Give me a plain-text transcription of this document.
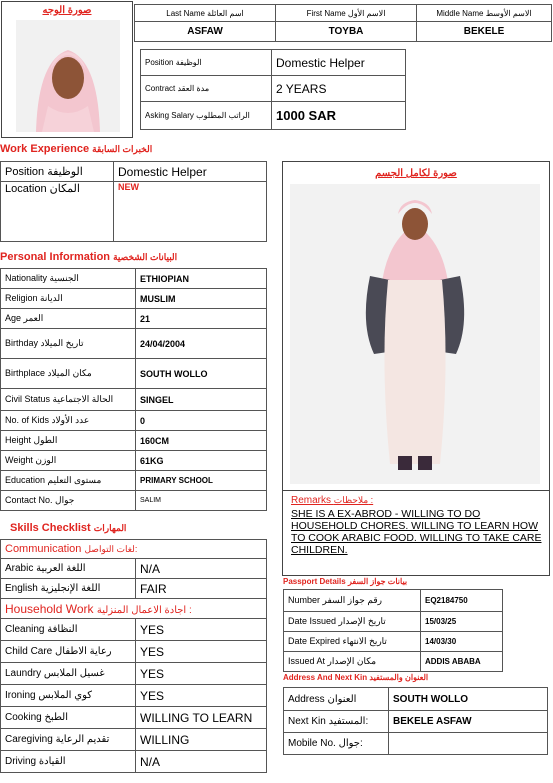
صورة الوجه	Last Name اسم العائلة	First Name الاسم الأول	Middle Name الاسم الأوسط
ASFAW	TOYBA	BEKELE
Position الوظيفة	Domestic Helper
Contract مدة العقد	2 YEARS
Asking Salary الراتب المطلوب	1000 SAR
Work Experience الخبرات السابقة
Position الوظيفة	Domestic Helper
Location المكان	NEW
صورة لكامل الجسم
Personal Information البيانات الشخصية
Nationality الجنسية	ETHIOPIAN
Religion الديانة	MUSLIM
Age العمر	21
Birthday تاريخ الميلاد	24/04/2004
Birthplace مكان الميلاد	SOUTH WOLLO
Civil Status الحالة الاجتماعية	SINGEL
No. of Kids عدد الأولاد	0
Height الطول	160CM
Weight الوزن	61KG
Education مستوى التعليم	PRIMARY SCHOOL
Contact No. جوال	SALIM
Skills Checklist المهارات
Communication لغات التواصل:	
Arabic اللغة العربية	N/A
English اللغة الإنجليزية	FAIR
Household Work اجادة الاعمال المنزلية :	
Cleaning النظافة	YES
Child Care رعاية الاطفال	YES
Laundry غسيل الملابس	YES
Ironing كوي الملابس	YES
Cooking الطبخ	WILLING TO LEARN
Caregiving تقديم الرعاية	WILLING
Driving القيادة	N/A
Remarks ملاحظات :
SHE IS A EX-ABROD - WILLING TO DO HOUSEHOLD CHORES. WILLING TO LEARN HOW TO COOK ARABIC FOOD. WILLING TO TAKE CARE CHILDREN.
Passport Details بيانات جواز السفر
Number رقم جواز السفر	EQ2184750
Date Issued تاريخ الإصدار	15/03/25
Date Expired تاريخ الانتهاء	14/03/30
Issued At مكان الإصدار	ADDIS ABABA
Address And Next Kin العنوان والمستفيد
Address العنوان	SOUTH WOLLO
Next Kin المستفيد:	BEKELE ASFAW
Mobile No. جوال:	
